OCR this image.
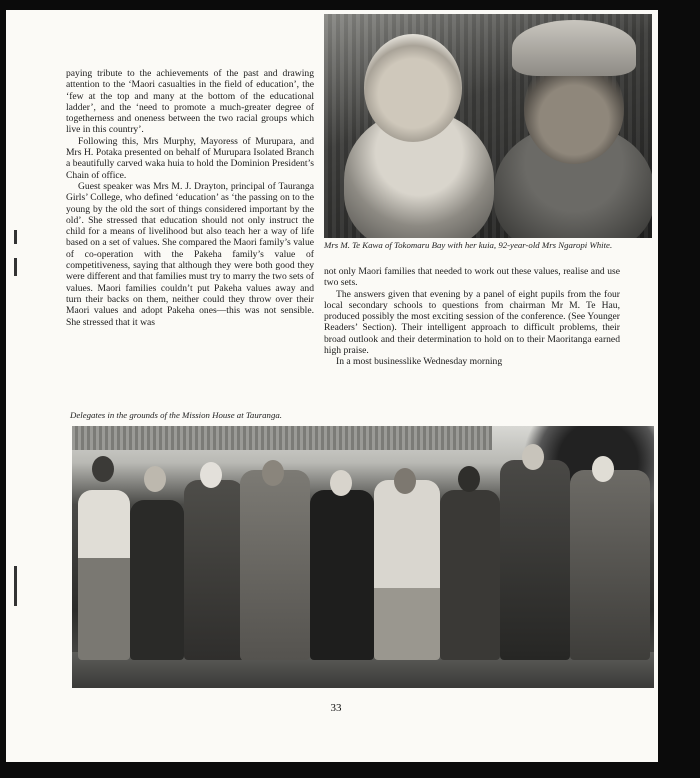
paying tribute to the achievements of the past and drawing attention to the ‘Maori casualties in the field of education’, the ‘few at the top and many at the bottom of the educational ladder’, and the ‘need to promote a much-greater degree of togetherness and oneness between the two racial groups which live in this country’.

Following this, Mrs Murphy, Mayoress of Murupara, and Mrs H. Potaka presented on behalf of Murupara Isolated Branch a beautifully carved waka huia to hold the Dominion President’s Chain of office.

Guest speaker was Mrs M. J. Drayton, principal of Tauranga Girls’ College, who defined ‘education’ as ‘the passing on to the young by the old the sort of things considered important by the old’. She stressed that education should not only instruct the child for a means of livelihood but also teach her a way of life based on a set of values. She compared the Maori family’s value of co-operation with the Pakeha family’s value of competitiveness, saying that although they were both good they were different and that families must try to marry the two sets of values. Maori families couldn’t put Pakeha values away and turn their backs on them, neither could they throw over their Maori values and adopt Pakeha ones—this was not sensible. She stressed that it was

Mrs M. Te Kawa of Tokomaru Bay with her kuia, 92-year-old Mrs Ngaropi White.

not only Maori families that needed to work out these values, realise and use two sets.

The answers given that evening by a panel of eight pupils from the four local secondary schools to questions from chairman Mr M. Te Hau, produced possibly the most exciting session of the conference. (See Younger Readers’ Section). Their intelligent approach to difficult problems, their broad outlook and their determination to hold on to their Maoritanga earned high praise.

In a most businesslike Wednesday morning

Delegates in the grounds of the Mission House at Tauranga.
33
